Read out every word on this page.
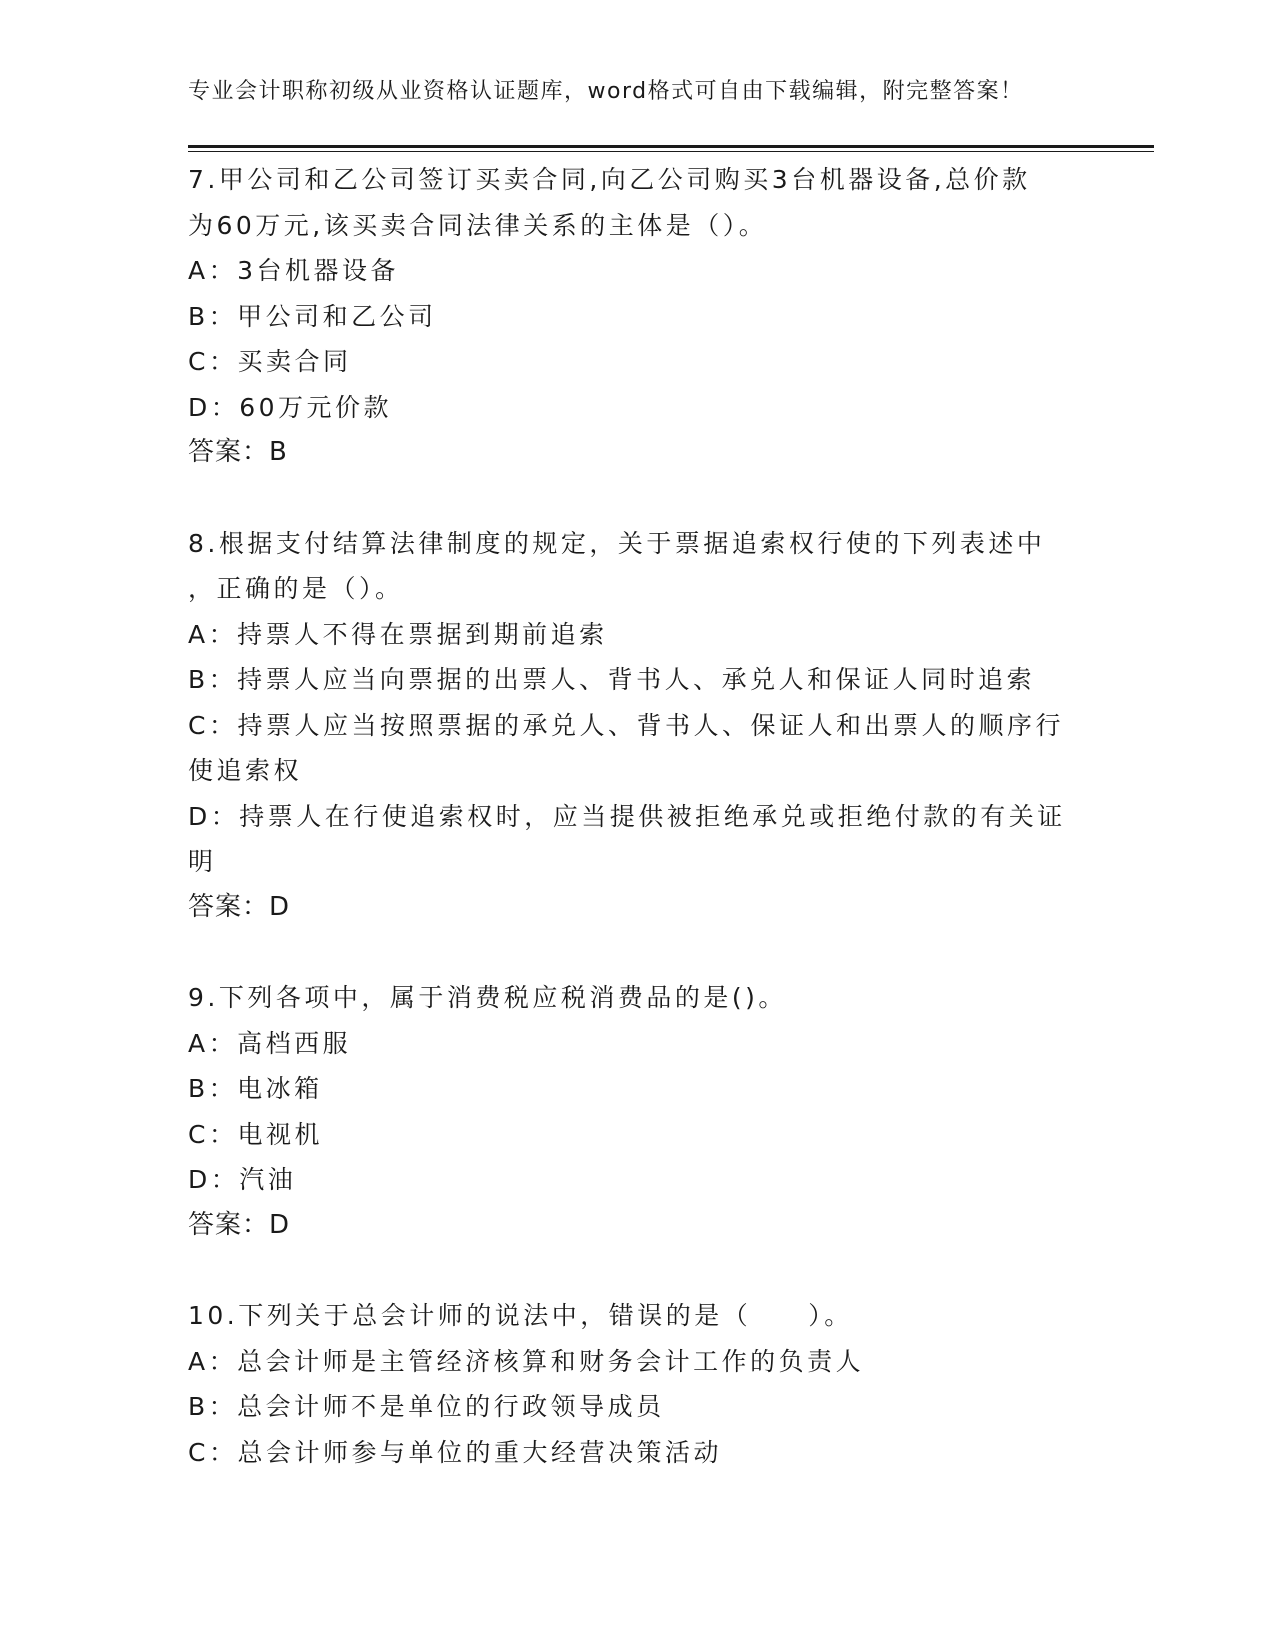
专业会计职称初级从业资格认证题库，word格式可自由下载编辑，附完整答案！
7.甲公司和乙公司签订买卖合同,向乙公司购买3台机器设备,总价款
为60万元,该买卖合同法律关系的主体是（）。
A：3台机器设备
B：甲公司和乙公司
C：买卖合同
D：60万元价款
答案：B
8.根据支付结算法律制度的规定，关于票据追索权行使的下列表述中
，正确的是（）。
A：持票人不得在票据到期前追索
B：持票人应当向票据的出票人、背书人、承兑人和保证人同时追索
C：持票人应当按照票据的承兑人、背书人、保证人和出票人的顺序行
使追索权
D：持票人在行使追索权时，应当提供被拒绝承兑或拒绝付款的有关证
明
答案：D
9.下列各项中，属于消费税应税消费品的是()。
A：高档西服
B：电冰箱
C：电视机
D：汽油
答案：D
10.下列关于总会计师的说法中，错误的是（　　）。
A：总会计师是主管经济核算和财务会计工作的负责人
B：总会计师不是单位的行政领导成员
C：总会计师参与单位的重大经营决策活动
